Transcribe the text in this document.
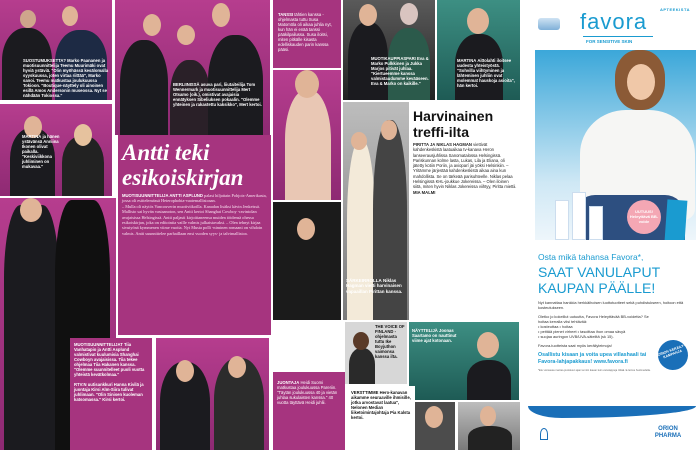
SUOSTUMUKSETTA? Marko Paananen ja muotisuunnittelija Teemu Muurimäki ovat hyviä ystäviä. "Olin myöhässä kesälomalla syyskuussa, joten virtaa riittää", Marko sanoi. Teemu matkustaa joulukuussa Tokioon. "Boutique-näyttely oli ainoinen esillä Amos Andersonin museossa. Nyt se nähdään Tokiossa."
BERLIINISSÄ asuva pari, liiutaiteilija Tom Wennermark ja muotisuunnittelija Mert Otsamo (oik.), omistivat avajaisia ennätyksen Sibeliuksen pokaalin. "Olemme yhteinen ja rakastettu kaksikko", Mert kertoi.
TANSSI tähtien kanssa -ohjelmasta tuttu Susa Matomöla oli aikaa juhlia nyt, kun hän ei enää tanssi pääkilpailussa. Susa iloitsi, miten pitkälle kisasta edelliskauden parin kanssa pääsi.
MUOTIKAUPPIASPARI Eva & Marko Pulkkinen ja Jukka Marjos pitivät juhlaa. "Kiertueemme kanssa valmistaudumme kevääseen. Eva & Marko on kaikille."
MARTINA Aittolahti iloitsee uudesta yhteistyöstä. "Sohvilla viihtyminen ja lähteminen juhliin ovat molemmat hauskoja asioita", hän kertoi.
MARTINA ja hänen ystävänsä Anniina Ikonen olivat paikalla. "Keskiviikkona juhliminen on mukavaa."
MUOTISUUNNITTELIJAT Tiia Vanhatapio ja Antti Asplund valmistivat kuulumisia Shanghai Cowboyn avajaisissa. Tiia tekee ohjelmaa Tiia Hakanen kanssa. "Olemme suunnitelleet puoli vuotta yhteistä kevätkolmaa."

RTV:N uutisankkuri Hanna Kivilä ja juontaja Kirsi Alm-Siira tulivat juhlimaan. "Olin Sinisen kuoleman katsomassa." Kirsi kertoi.
Antti teki esikoiskirjan
MUOTISUUNNITTELIJA ANTTI ASPLUND palasi hiljattain Pohjois-Amerikasta, jossa oli esittelemässä Heterophobia-vaatemallistoaan.
– Mulla oli näytös Vancouverin muotiviikoilla. Kanadan lisäksi kävin Jenkeissä. Mallisto sai hyvän vastaanoton, sen Antti kertoi Shanghai Cowboy -ravintolan avajaisissa Helsingissä. Antti paljasti kirjoittaneensa muiden töidensä ohessa esikoiskirjan, joka on editointia vaille valmis julkaistavaksi. – Olen tehnyt kirjaa sivutyönä kymmenen viime vuotta. Nyt Musta polli -niminen romaani on vihdoin valmis. Antti suunnittelee parhaillaan ensi vuoden syys- ja talvimallistoa.
JUONTAJA Heidi Suomi matkustaa joulukuussa Pareriin. "Täytän joulukuussa 40 ja vietän juhlaa sukulaisten kanssa." 40 vuotta täyttävä Heidi juhlii.
SÄRKEIRROLLA Niklas Hagman vietti harvinaisen vapaaillan Pirittan kanssa.
Harvinainen treffi-ilta
PIRITTA JA NIKLAS HAGMAN viettivät kahdenkeskistä laatuaikaa tv-kanava Heron lanseerausjuhlissa Sanomatalossa Helsingissä. Pariskunnan kolme lasta, Lukas, Lila ja Eliana, oli jätetty kotiin Poriin, ja avioparí jäi yöksi Helsinkiin. – Yritämme järjestää kahdenkeskistä aikaa aina kun mahdollista. Se on tärkeää parisuhteelle. Niklas pelaa Helsingissä KHL-joukkue Jokereissa. – Olen iloinen siitä, miten hyvin Niklas Jokereissa viihtyy, Piritta miettii. MIA MALMI
THE VOICE OF FINLAND -ohjelmasta tuttu Ike Boyjuthon vaimonsa kanssa ilta.
NÄYTTELIJÄ Joonas Saartamo on nauttinut viime ajat kotonaan.
VERSTTIMME Hero-kanavan aikamme seuraaville ihmisille, jotka arvostavat laatua", Nelonen Median liiketoimintajohtaja Pia Kalsta kertoi.
APTEEKISTA
favora
FOR SENSITIVE SKIN
UUTUUS! Heleyttävä BB-voide
Osta mikä tahansa Favora*,
SAAT VANULAPUT KAUPAN PÄÄLLE!
Nyt kannattaa hankkia herkkäihoisen luottotuotteet sekä puhdistukseen, hoitoon että kosteutukseen.
Oletko jo kokeillut uutuutta, Favora Heleyttävää BB-voidetta? Se hoitaa kerralla viisi tehtävää:
• kosteuttaa • hoitaa
• peittää pienet virheet • tasoittaa ihon omaa sävyä
• suojaa auringon UVB/UVA-säteiltä (sk 15).
Favora-tuotteista saat myös keräilyleimoja!
Osallistu kisaan ja voita upea villashaali tai Favora-lahjapakkaus! www.favora.fi
*Etu voimassa marras-joulukuun ajan tai niin kauan kuin vanulappuja riittää. E-leinne huolmedella.
ORION KERÄILY-KAMPANJA
ORION PHARMA
